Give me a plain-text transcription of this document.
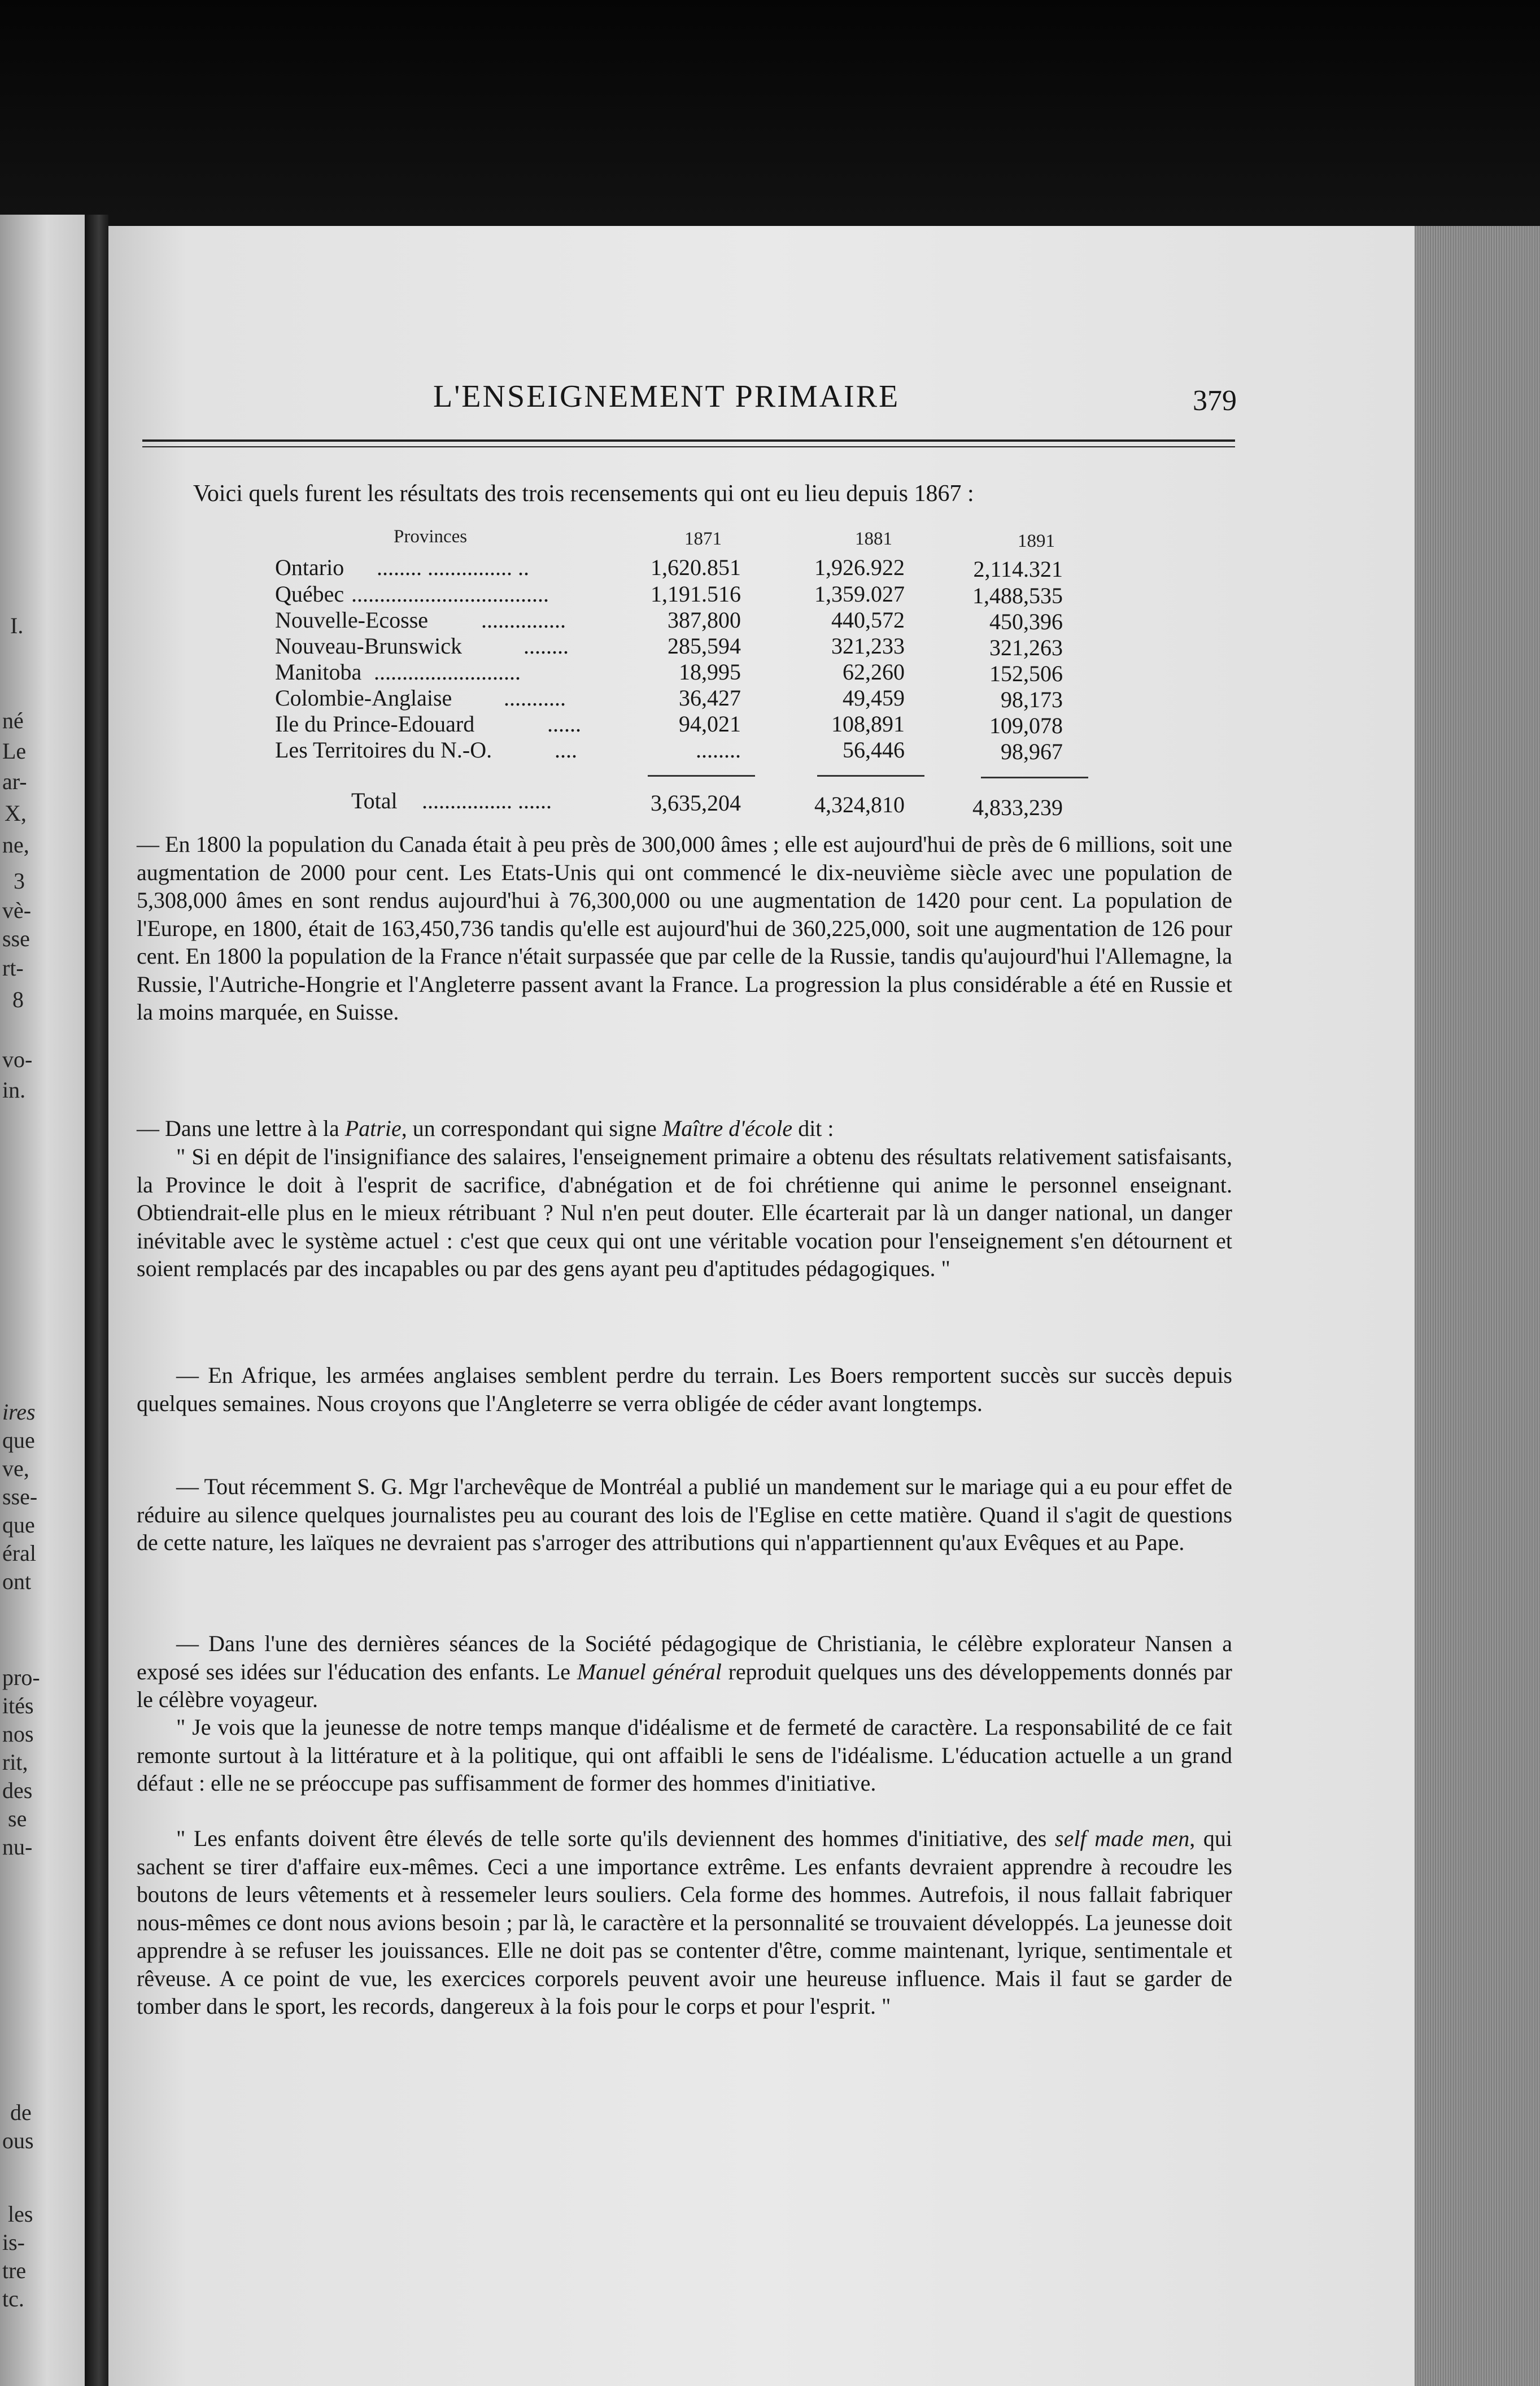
I.
né
Le
ar-
X,
ne,
3
vè-
sse
rt-
8
vo-
in.
ires
que
ve,
sse-
que
éral
ont
pro-
ités
nos
rit,
des
se
nu-
de
ous
les
is-
tre
tc.
L'ENSEIGNEMENT PRIMAIRE	379
Voici quels furent les résultats des trois recensements qui ont eu lieu depuis 1867 :
Provinces	1871	1881	1891
Ontario ........ ............... ..	1,620.851	1,926.922	2,114.321
Québec ...................................	1,191.516	1,359.027	1,488,535
Nouvelle-Ecosse ...............	387,800	440,572	450,396
Nouveau-Brunswick	........	285,594	321,233	321,263
Manitoba ..........................	18,995	62,260	152,506
Colombie-Anglaise ...........	36,427	49,459	98,173
Ile du Prince-Edouard	......	94,021	108,891	109,078
Les Territoires du N.-O.	....	........	56,446	98,967
Total ................ ......	3,635,204	4,324,810	4,833,239

— En 1800 la population du Canada était à peu près de 300,000 âmes ; elle est aujourd'hui de près de 6 millions, soit une augmentation de 2000 pour cent. Les Etats-Unis qui ont commencé le dix-neuvième siècle avec une population de 5,308,000 âmes en sont rendus aujourd'hui à 76,300,000 ou une augmentation de 1420 pour cent. La population de l'Europe, en 1800, était de 163,450,736 tandis qu'elle est aujourd'hui de 360,225,000, soit une augmentation de 126 pour cent. En 1800 la population de la France n'était surpassée que par celle de la Russie, tandis qu'aujourd'hui l'Allemagne, la Russie, l'Autriche-Hongrie et l'Angleterre passent avant la France. La progression la plus considérable a été en Russie et la moins marquée, en Suisse.

— Dans une lettre à la Patrie, un correspondant qui signe Maître d'école dit :

" Si en dépit de l'insignifiance des salaires, l'enseignement primaire a obtenu des résultats relativement satisfaisants, la Province le doit à l'esprit de sacrifice, d'abnégation et de foi chrétienne qui anime le personnel enseignant. Obtiendrait-elle plus en le mieux rétribuant ? Nul n'en peut douter. Elle écarterait par là un danger national, un danger inévitable avec le système actuel : c'est que ceux qui ont une véritable vocation pour l'enseignement s'en détournent et soient remplacés par des incapables ou par des gens ayant peu d'aptitudes pédagogiques. "

— En Afrique, les armées anglaises semblent perdre du terrain. Les Boers remportent succès sur succès depuis quelques semaines. Nous croyons que l'Angleterre se verra obligée de céder avant longtemps.

— Tout récemment S. G. Mgr l'archevêque de Montréal a publié un mandement sur le mariage qui a eu pour effet de réduire au silence quelques journalistes peu au courant des lois de l'Eglise en cette matière. Quand il s'agit de questions de cette nature, les laïques ne devraient pas s'arroger des attributions qui n'appartiennent qu'aux Evêques et au Pape.

— Dans l'une des dernières séances de la Société pédagogique de Christiania, le célèbre explorateur Nansen a exposé ses idées sur l'éducation des enfants. Le Manuel général reproduit quelques uns des développements donnés par le célèbre voyageur.

" Je vois que la jeunesse de notre temps manque d'idéalisme et de fermeté de caractère. La responsabilité de ce fait remonte surtout à la littérature et à la politique, qui ont affaibli le sens de l'idéalisme. L'éducation actuelle a un grand défaut : elle ne se préoccupe pas suffisamment de former des hommes d'initiative.

" Les enfants doivent être élevés de telle sorte qu'ils deviennent des hommes d'initiative, des self made men, qui sachent se tirer d'affaire eux-mêmes. Ceci a une importance extrême. Les enfants devraient apprendre à recoudre les boutons de leurs vêtements et à ressemeler leurs souliers. Cela forme des hommes. Autrefois, il nous fallait fabriquer nous-mêmes ce dont nous avions besoin ; par là, le caractère et la personnalité se trouvaient développés. La jeunesse doit apprendre à se refuser les jouissances. Elle ne doit pas se contenter d'être, comme maintenant, lyrique, sentimentale et rêveuse. A ce point de vue, les exercices corporels peuvent avoir une heureuse influence. Mais il faut se garder de tomber dans le sport, les records, dangereux à la fois pour le corps et pour l'esprit. "
